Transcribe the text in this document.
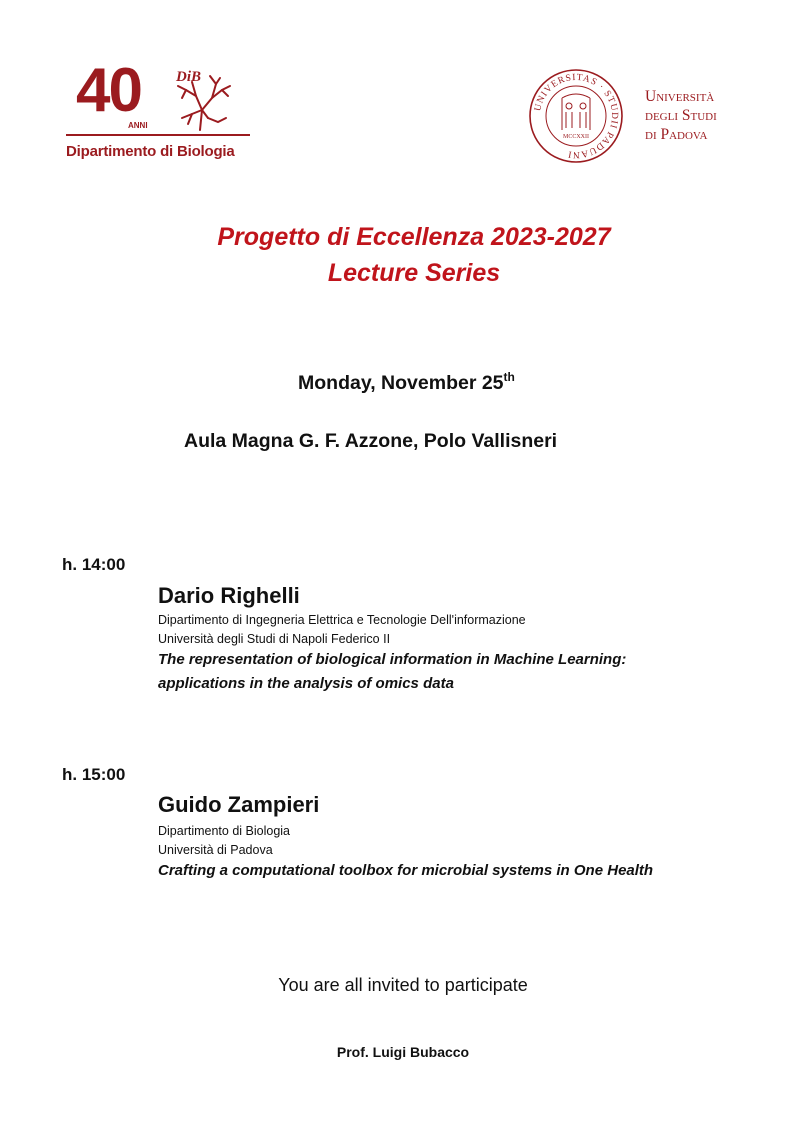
40
ANNI
DiB
Dipartimento di Biologia
UNIVERSITAS · STUDII PADUANI
MCCXXII
Università
degli Studi
di Padova
Progetto di Eccellenza 2023-2027
Lecture Series
Monday, November 25th
Aula Magna G. F. Azzone, Polo Vallisneri
h. 14:00
Dario Righelli
Dipartimento di Ingegneria Elettrica e Tecnologie Dell'informazione
Università degli Studi di Napoli Federico II
The representation of biological information in Machine Learning:
applications in the analysis of omics data
h. 15:00
Guido Zampieri
Dipartimento di Biologia
Università di Padova
Crafting a computational toolbox for microbial systems in One Health
You are all invited to participate
Prof. Luigi Bubacco
